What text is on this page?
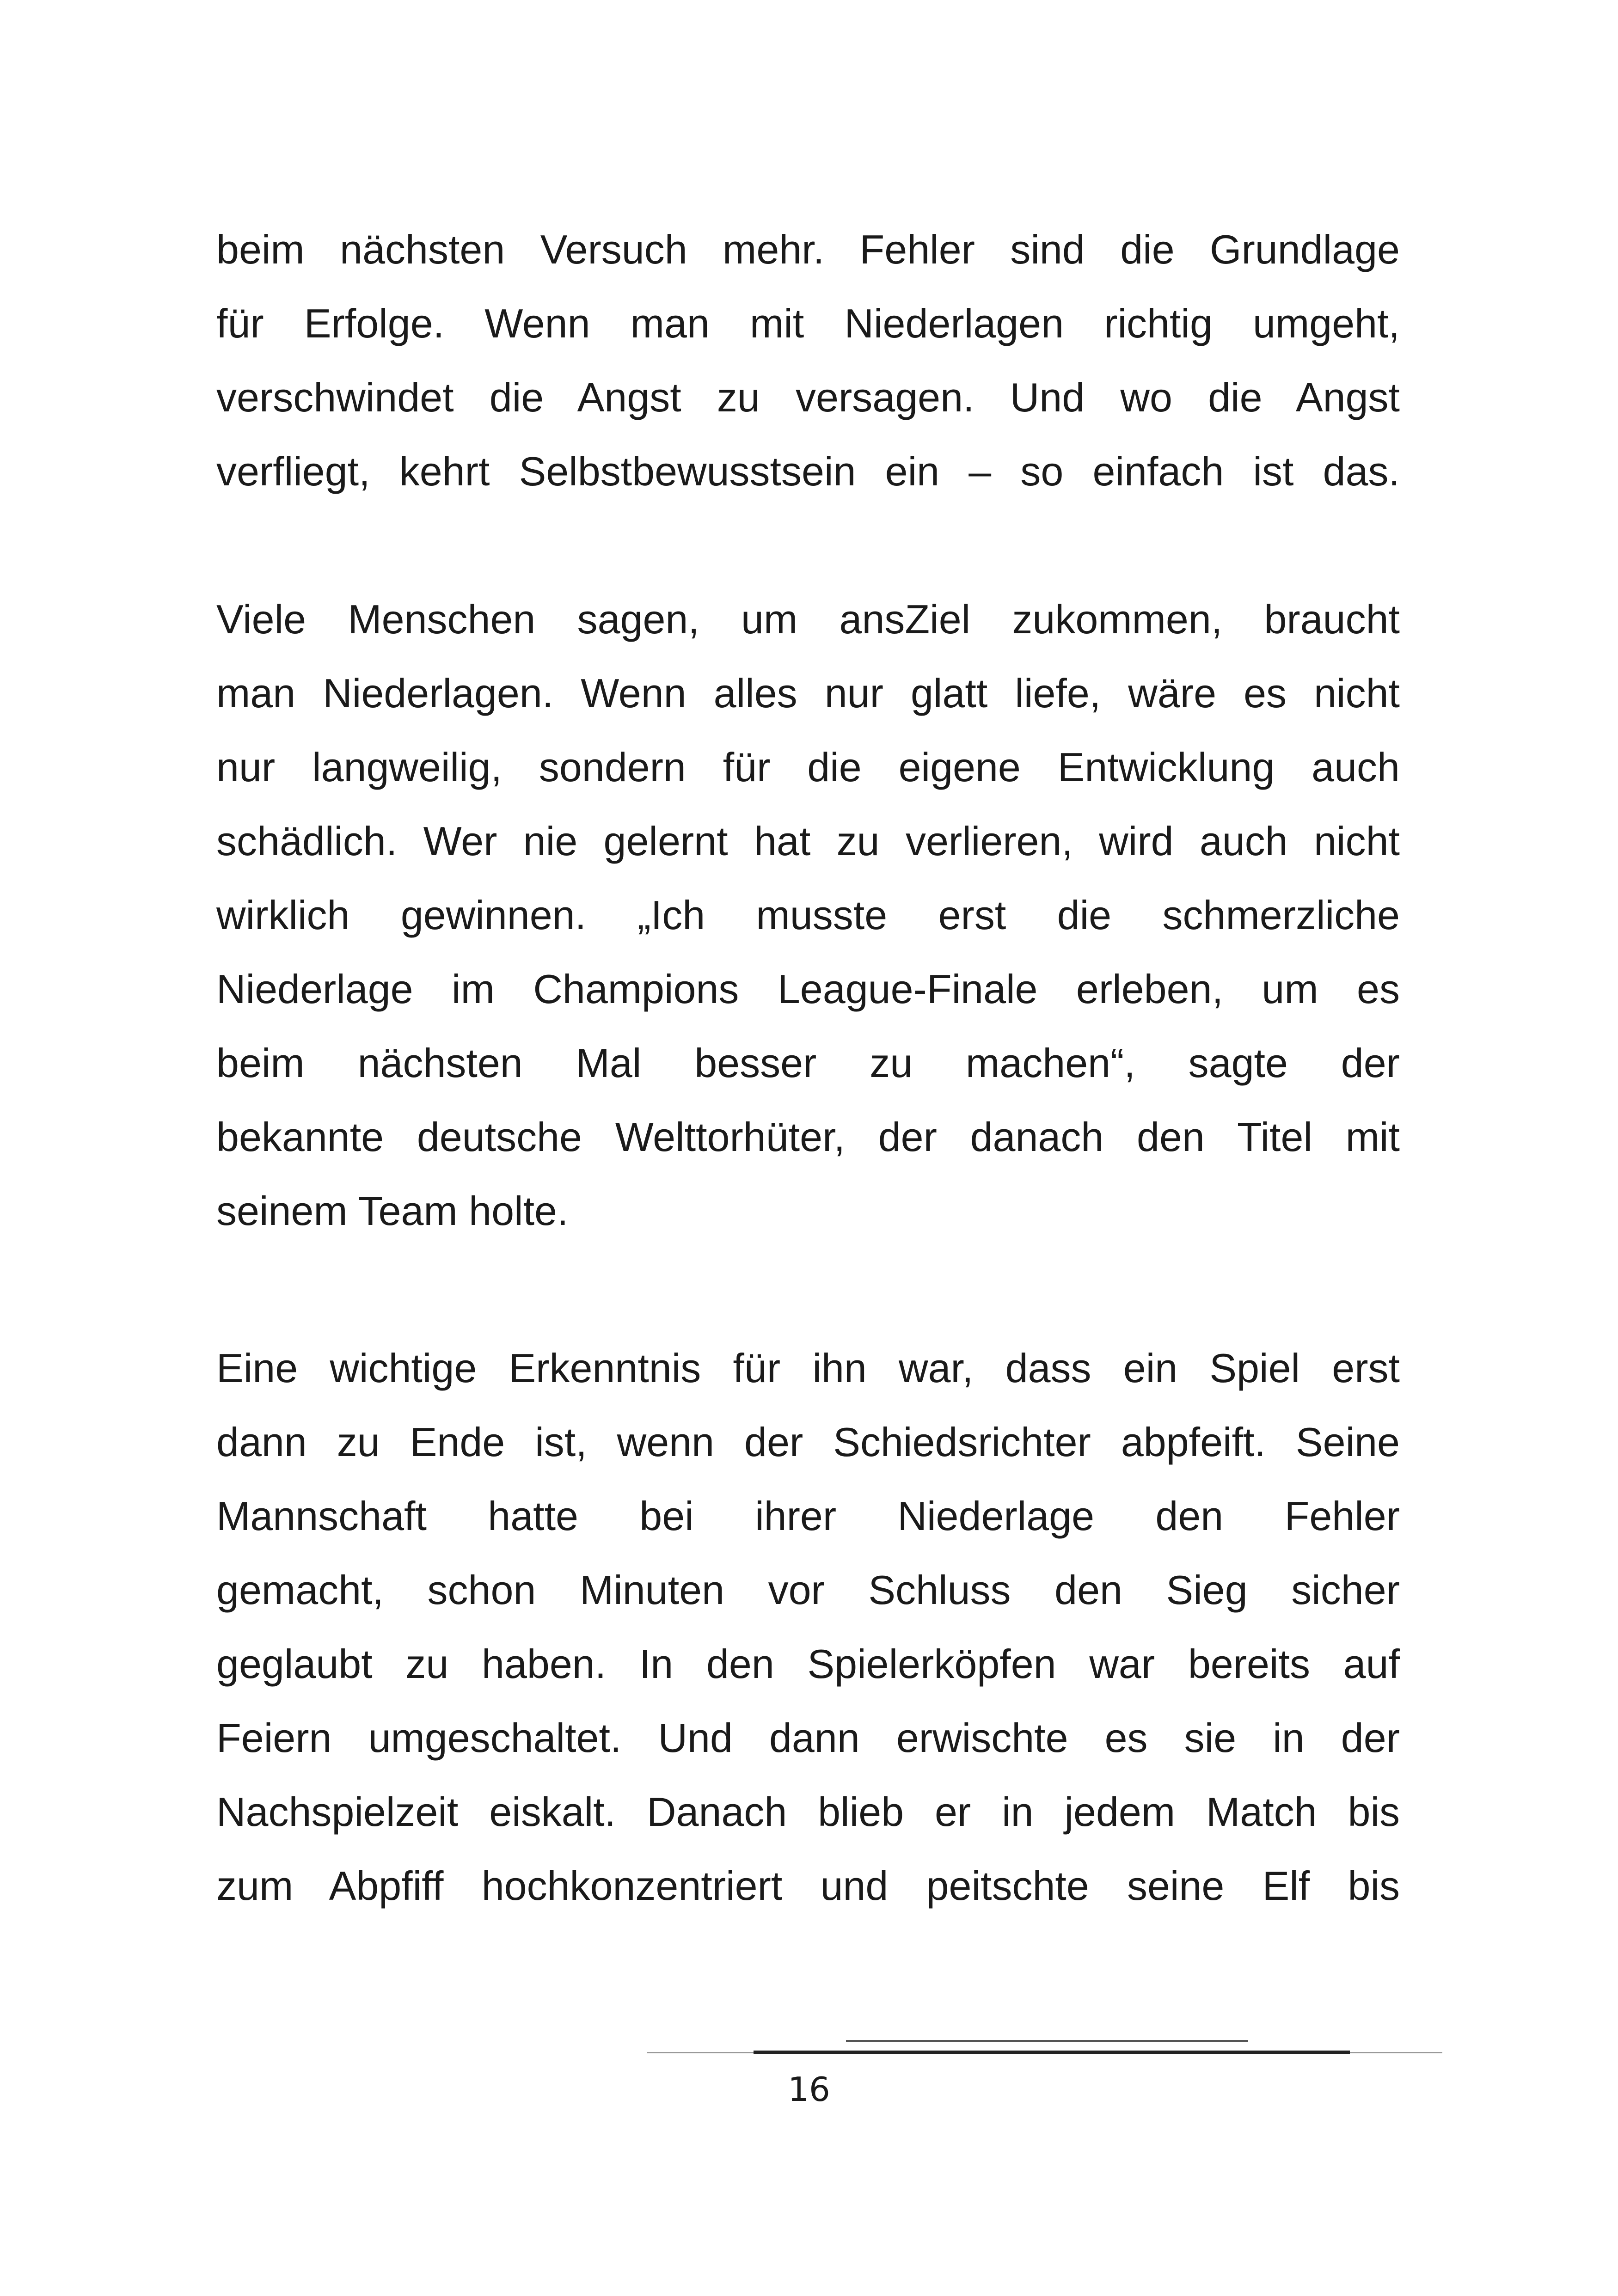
beim nächsten Versuch mehr. Fehler sind die Grundlage
für Erfolge. Wenn man mit Niederlagen richtig umgeht,
verschwindet die Angst zu versagen. Und wo die Angst
verfliegt, kehrt Selbstbewusstsein ein – so einfach ist das.
Viele Menschen sagen, um ansZiel zukommen, braucht
man Niederlagen. Wenn alles nur glatt liefe, wäre es nicht
nur langweilig, sondern für die eigene Entwicklung auch
schädlich. Wer nie gelernt hat zu verlieren, wird auch nicht
wirklich gewinnen. „Ich musste erst die schmerzliche
Niederlage im Champions League-Finale erleben, um es
beim nächsten Mal besser zu machen“, sagte der
bekannte deutsche Welttorhüter, der danach den Titel mit
seinem Team holte.
Eine wichtige Erkenntnis für ihn war, dass ein Spiel erst
dann zu Ende ist, wenn der Schiedsrichter abpfeift. Seine
Mannschaft hatte bei ihrer Niederlage den Fehler
gemacht, schon Minuten vor Schluss den Sieg sicher
geglaubt zu haben. In den Spielerköpfen war bereits auf
Feiern umgeschaltet. Und dann erwischte es sie in der
Nachspielzeit eiskalt. Danach blieb er in jedem Match bis
zum Abpfiff hochkonzentriert und peitschte seine Elf bis
16
